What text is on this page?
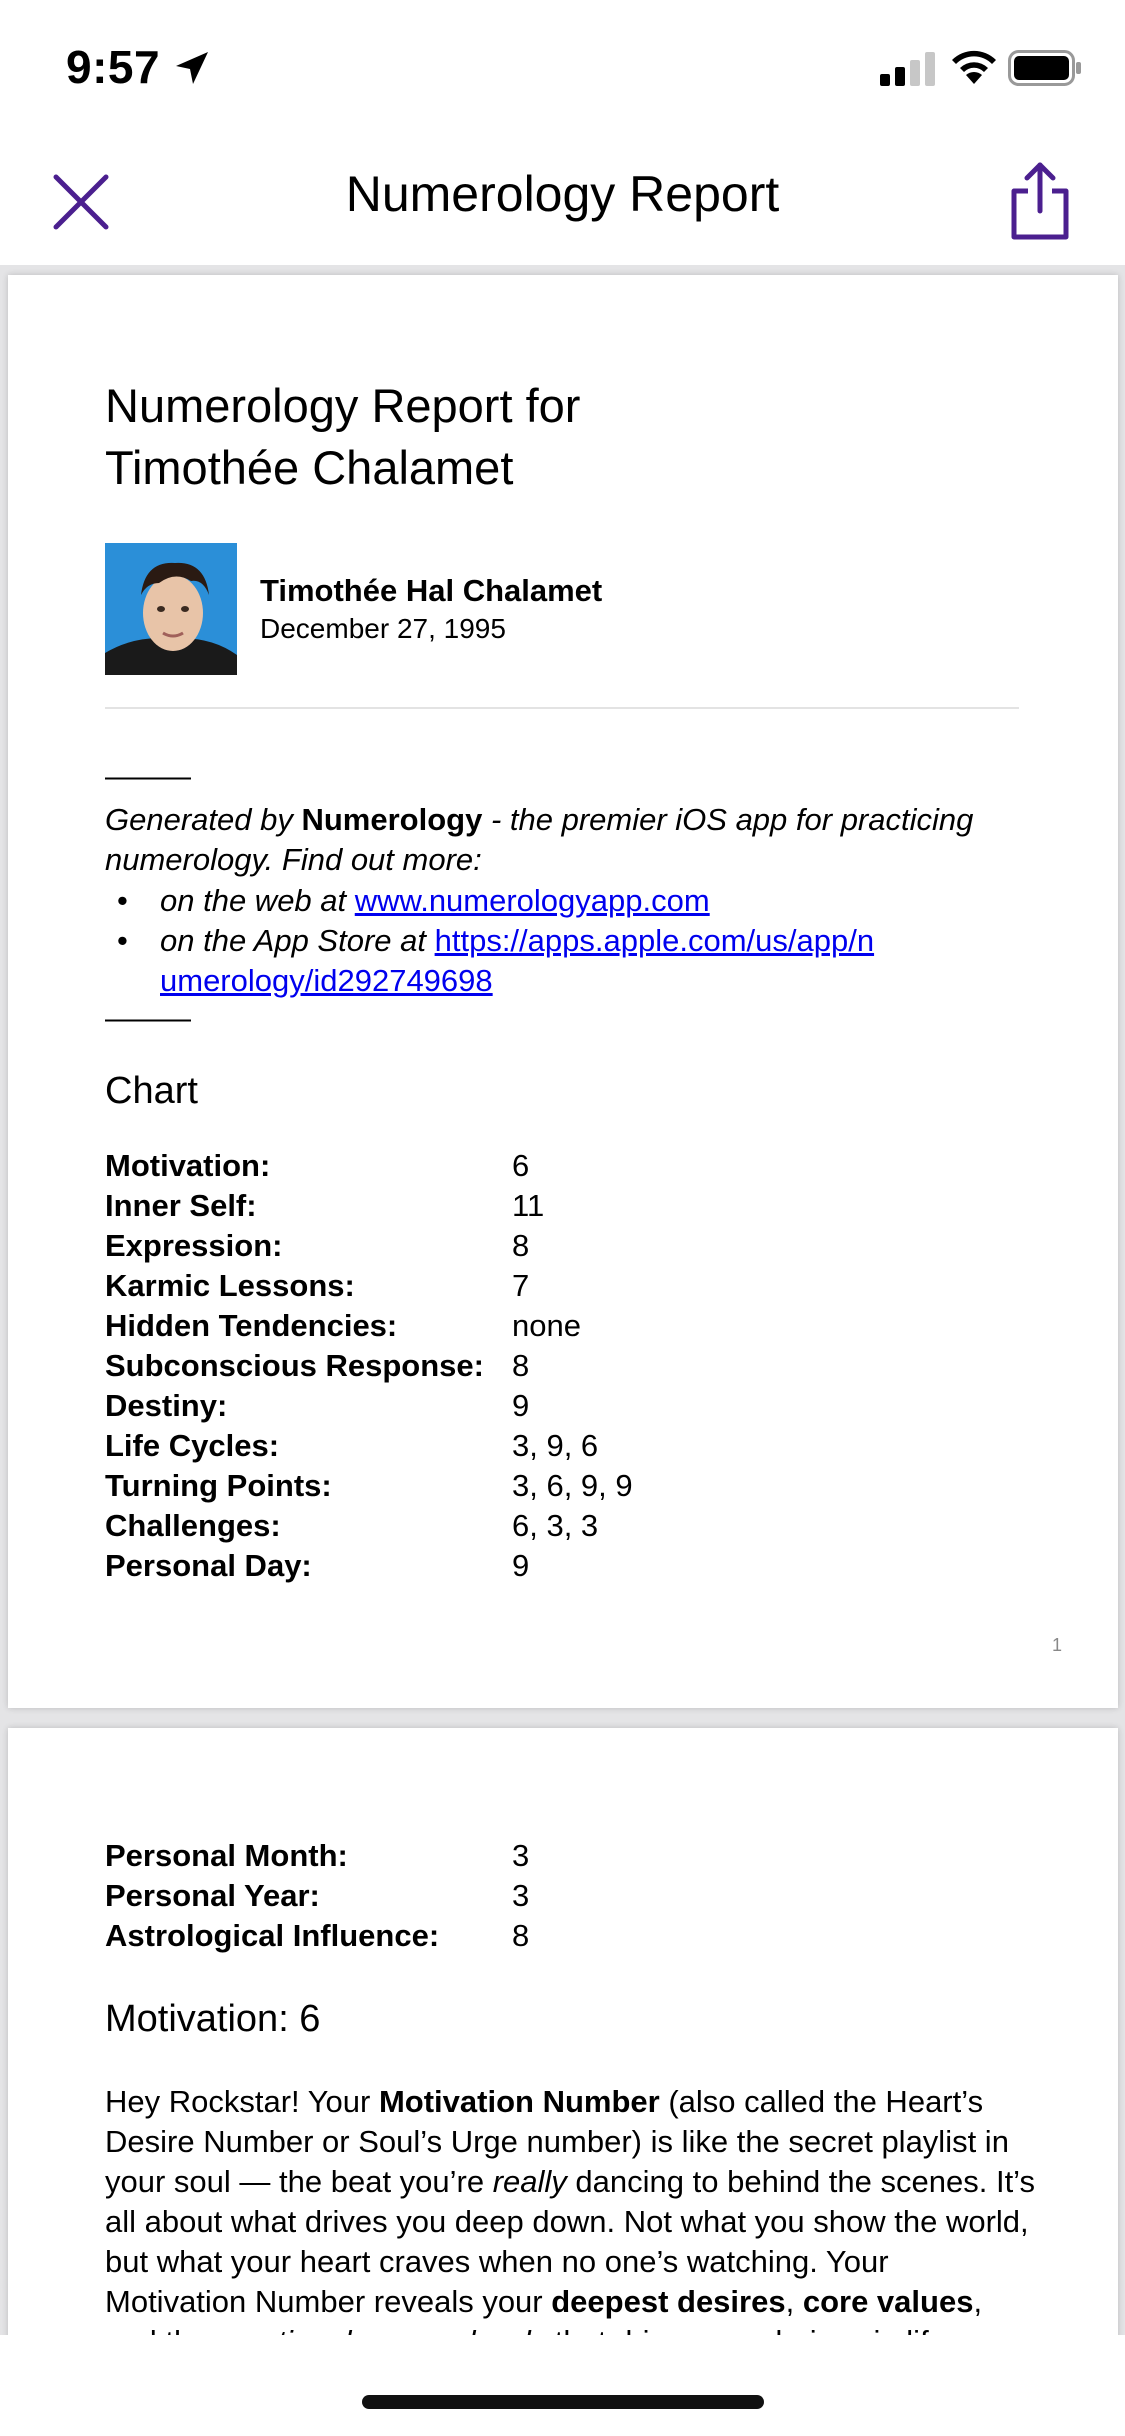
9:57
Numerology Report
Numerology Report for
Timothée Chalamet
Timothée Hal Chalamet
December 27, 1995
———
Generated by Numerology - the premier iOS app for practicing numerology. Find out more:
• on the web at www.numerologyapp.com
• on the App Store at https://apps.apple.com/us/app/numerology/id292749698
———
Chart
Motivation:	6
Inner Self:	11
Expression:	8
Karmic Lessons:	7
Hidden Tendencies:	none
Subconscious Response: 8
Destiny:	9
Life Cycles:	3, 9, 6
Turning Points:	3, 6, 9, 9
Challenges:	6, 3, 3
Personal Day:	9
1
Personal Month:	3
Personal Year:	3
Astrological Influence: 8
Motivation: 6
Hey Rockstar! Your Motivation Number (also called the Heart’s Desire Number or Soul’s Urge number) is like the secret playlist in your soul — the beat you’re really dancing to behind the scenes. It’s all about what drives you deep down. Not what you show the world, but what your heart craves when no one’s watching. Your Motivation Number reveals your deepest desires, core values,
